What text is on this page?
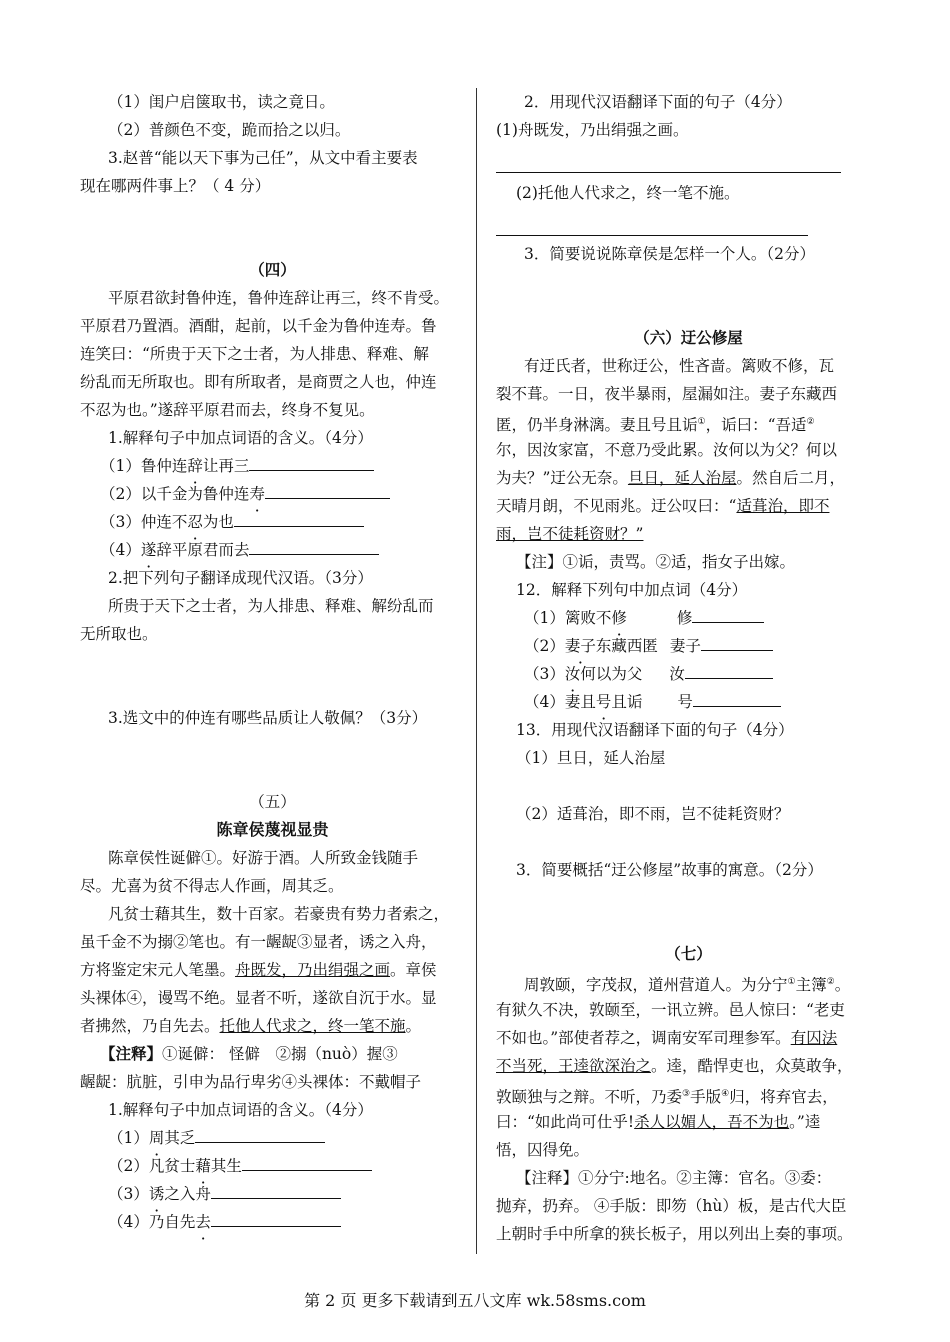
（1）闺户启箧取书，读之竟日。
（2）普颜色不变，跪而拾之以归。
3.赵普“能以天下事为己任”，从文中看主要表
现在哪两件事上？（ 4 分）
（四）
平原君欲封鲁仲连，鲁仲连辞让再三，终不肯受。
平原君乃置酒。酒酣，起前，以千金为鲁仲连寿。鲁
连笑曰：“所贵于天下之士者，为人排患、释难、解
纷乱而无所取也。即有所取者，是商贾之人也，仲连
不忍为也。”遂辞平原君而去，终身不复见。
1.解释句子中加点词语的含义。（4分）
（1）鲁仲连辞让再三
（2）以千金为鲁仲连寿
（3）仲连不忍为也
（4）遂辞平原君而去
2.把下列句子翻译成现代汉语。（3分）
所贵于天下之士者，为人排患、释难、解纷乱而
无所取也。
3.选文中的仲连有哪些品质让人敬佩？（3分）
（五）
陈章侯蔑视显贵
陈章侯性诞僻①。好游于酒。人所致金钱随手
尽。尤喜为贫不得志人作画，周其乏。
凡贫士藉其生，数十百家。若豪贵有势力者索之，
虽千金不为搦②笔也。有一龌龊③显者，诱之入舟，
方将鉴定宋元人笔墨。舟既发，乃出绢强之画。章侯
头裸体④，谩骂不绝。显者不听，遂欲自沉于水。显
者拂然，乃自先去。托他人代求之，终一笔不施。
【注释】①诞僻： 怪僻　②搦（nuò）握③
龌龊：肮脏，引申为品行卑劣④头裸体：不戴帽子
1.解释句子中加点词语的含义。（4分）
（1）周其乏
（2）凡贫士藉其生
（3）诱之入舟
（4）乃自先去
2．用现代汉语翻译下面的句子（4分）
(1)舟既发，乃出绢强之画。
(2)托他人代求之，终一笔不施。
3．简要说说陈章侯是怎样一个人。（2分）
（六）迂公修屋
有迂氏者，世称迂公，性吝啬。篱败不修，瓦
裂不葺。一日，夜半暴雨，屋漏如注。妻子东藏西
匿，仍半身淋漓。妻且号且诟①，诟曰：“吾适②
尔，因汝家富，不意乃受此累。汝何以为父？何以
为夫？”迂公无奈。旦日，延人治屋。然自后二月，
天晴月朗，不见雨兆。迂公叹曰：“适葺治，即不
雨，岂不徒耗资财？”
【注】①诟，责骂。②适，指女子出嫁。
12．解释下列句中加点词（4分）
（1）篱败不修	修
（2）妻子东藏西匿 妻子
（3）汝何以为父 汝
（4）妻且号且诟 号
13．用现代汉语翻译下面的句子（4分）
（1）旦日，延人治屋
（2）适葺治，即不雨，岂不徒耗资财？
3．简要概括“迂公修屋”故事的寓意。（2分）
（七）
周敦颐，字茂叔，道州营道人。为分宁①主簿②。
有狱久不决，敦颐至，一讯立辨。邑人惊曰：“老吏
不如也。”部使者荐之，调南安军司理参军。有囚法
不当死，王逵欲深治之。逵，酷悍吏也，众莫敢争，
敦颐独与之辩。不听，乃委③手版④归，将弃官去，
曰：“如此尚可仕乎!杀人以媚人，吾不为也。”逵
悟，囚得免。
【注释】①分宁:地名。②主簿：官名。③委：
抛弃，扔弃。 ④手版：即笏（hù）板，是古代大臣
上朝时手中所拿的狭长板子，用以列出上奏的事项。
第 2 页 更多下载请到五八文库 wk.58sms.com
